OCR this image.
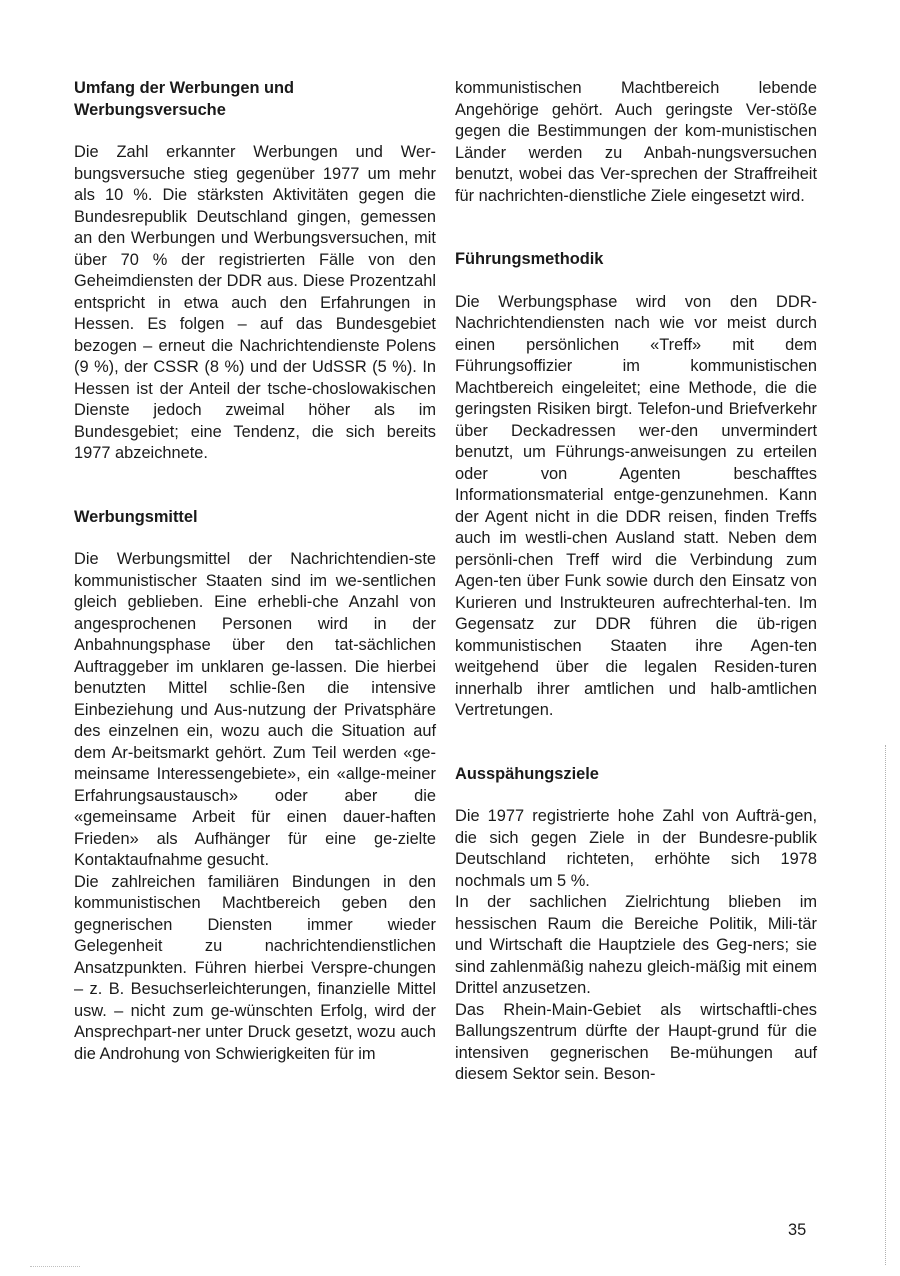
Umfang der Werbungen und Werbungsversuche

Die Zahl erkannter Werbungen und Wer-bungsversuche stieg gegenüber 1977 um mehr als 10 %. Die stärksten Aktivitäten gegen die Bundesrepublik Deutschland gingen, gemessen an den Werbungen und Werbungsversuchen, mit über 70 % der registrierten Fälle von den Geheimdiensten der DDR aus. Diese Prozentzahl entspricht in etwa auch den Erfahrungen in Hessen. Es folgen – auf das Bundesgebiet bezogen – erneut die Nachrichtendienste Polens (9 %), der CSSR (8 %) und der UdSSR (5 %). In Hessen ist der Anteil der tsche-choslowakischen Dienste jedoch zweimal höher als im Bundesgebiet; eine Tendenz, die sich bereits 1977 abzeichnete.

Werbungsmittel

Die Werbungsmittel der Nachrichtendien-ste kommunistischer Staaten sind im we-sentlichen gleich geblieben. Eine erhebli-che Anzahl von angesprochenen Personen wird in der Anbahnungsphase über den tat-sächlichen Auftraggeber im unklaren ge-lassen. Die hierbei benutzten Mittel schlie-ßen die intensive Einbeziehung und Aus-nutzung der Privatsphäre des einzelnen ein, wozu auch die Situation auf dem Ar-beitsmarkt gehört. Zum Teil werden «ge-meinsame Interessengebiete», ein «allge-meiner Erfahrungsaustausch» oder aber die «gemeinsame Arbeit für einen dauer-haften Frieden» als Aufhänger für eine ge-zielte Kontaktaufnahme gesucht.

Die zahlreichen familiären Bindungen in den kommunistischen Machtbereich geben den gegnerischen Diensten immer wieder Gelegenheit zu nachrichtendienstlichen Ansatzpunkten. Führen hierbei Verspre-chungen – z. B. Besuchserleichterungen, finanzielle Mittel usw. – nicht zum ge-wünschten Erfolg, wird der Ansprechpart-ner unter Druck gesetzt, wozu auch die Androhung von Schwierigkeiten für im

kommunistischen Machtbereich lebende Angehörige gehört. Auch geringste Ver-stöße gegen die Bestimmungen der kom-munistischen Länder werden zu Anbah-nungsversuchen benutzt, wobei das Ver-sprechen der Straffreiheit für nachrichten-dienstliche Ziele eingesetzt wird.

Führungsmethodik

Die Werbungsphase wird von den DDR-Nachrichtendiensten nach wie vor meist durch einen persönlichen «Treff» mit dem Führungsoffizier im kommunistischen Machtbereich eingeleitet; eine Methode, die die geringsten Risiken birgt. Telefon-und Briefverkehr über Deckadressen wer-den unvermindert benutzt, um Führungs-anweisungen zu erteilen oder von Agenten beschafftes Informationsmaterial entge-genzunehmen. Kann der Agent nicht in die DDR reisen, finden Treffs auch im westli-chen Ausland statt. Neben dem persönli-chen Treff wird die Verbindung zum Agen-ten über Funk sowie durch den Einsatz von Kurieren und Instrukteuren aufrechterhal-ten. Im Gegensatz zur DDR führen die üb-rigen kommunistischen Staaten ihre Agen-ten weitgehend über die legalen Residen-turen innerhalb ihrer amtlichen und halb-amtlichen Vertretungen.

Ausspähungsziele

Die 1977 registrierte hohe Zahl von Aufträ-gen, die sich gegen Ziele in der Bundesre-publik Deutschland richteten, erhöhte sich 1978 nochmals um 5 %.

In der sachlichen Zielrichtung blieben im hessischen Raum die Bereiche Politik, Mili-tär und Wirtschaft die Hauptziele des Geg-ners; sie sind zahlenmäßig nahezu gleich-mäßig mit einem Drittel anzusetzen.

Das Rhein-Main-Gebiet als wirtschaftli-ches Ballungszentrum dürfte der Haupt-grund für die intensiven gegnerischen Be-mühungen auf diesem Sektor sein. Beson-

35
